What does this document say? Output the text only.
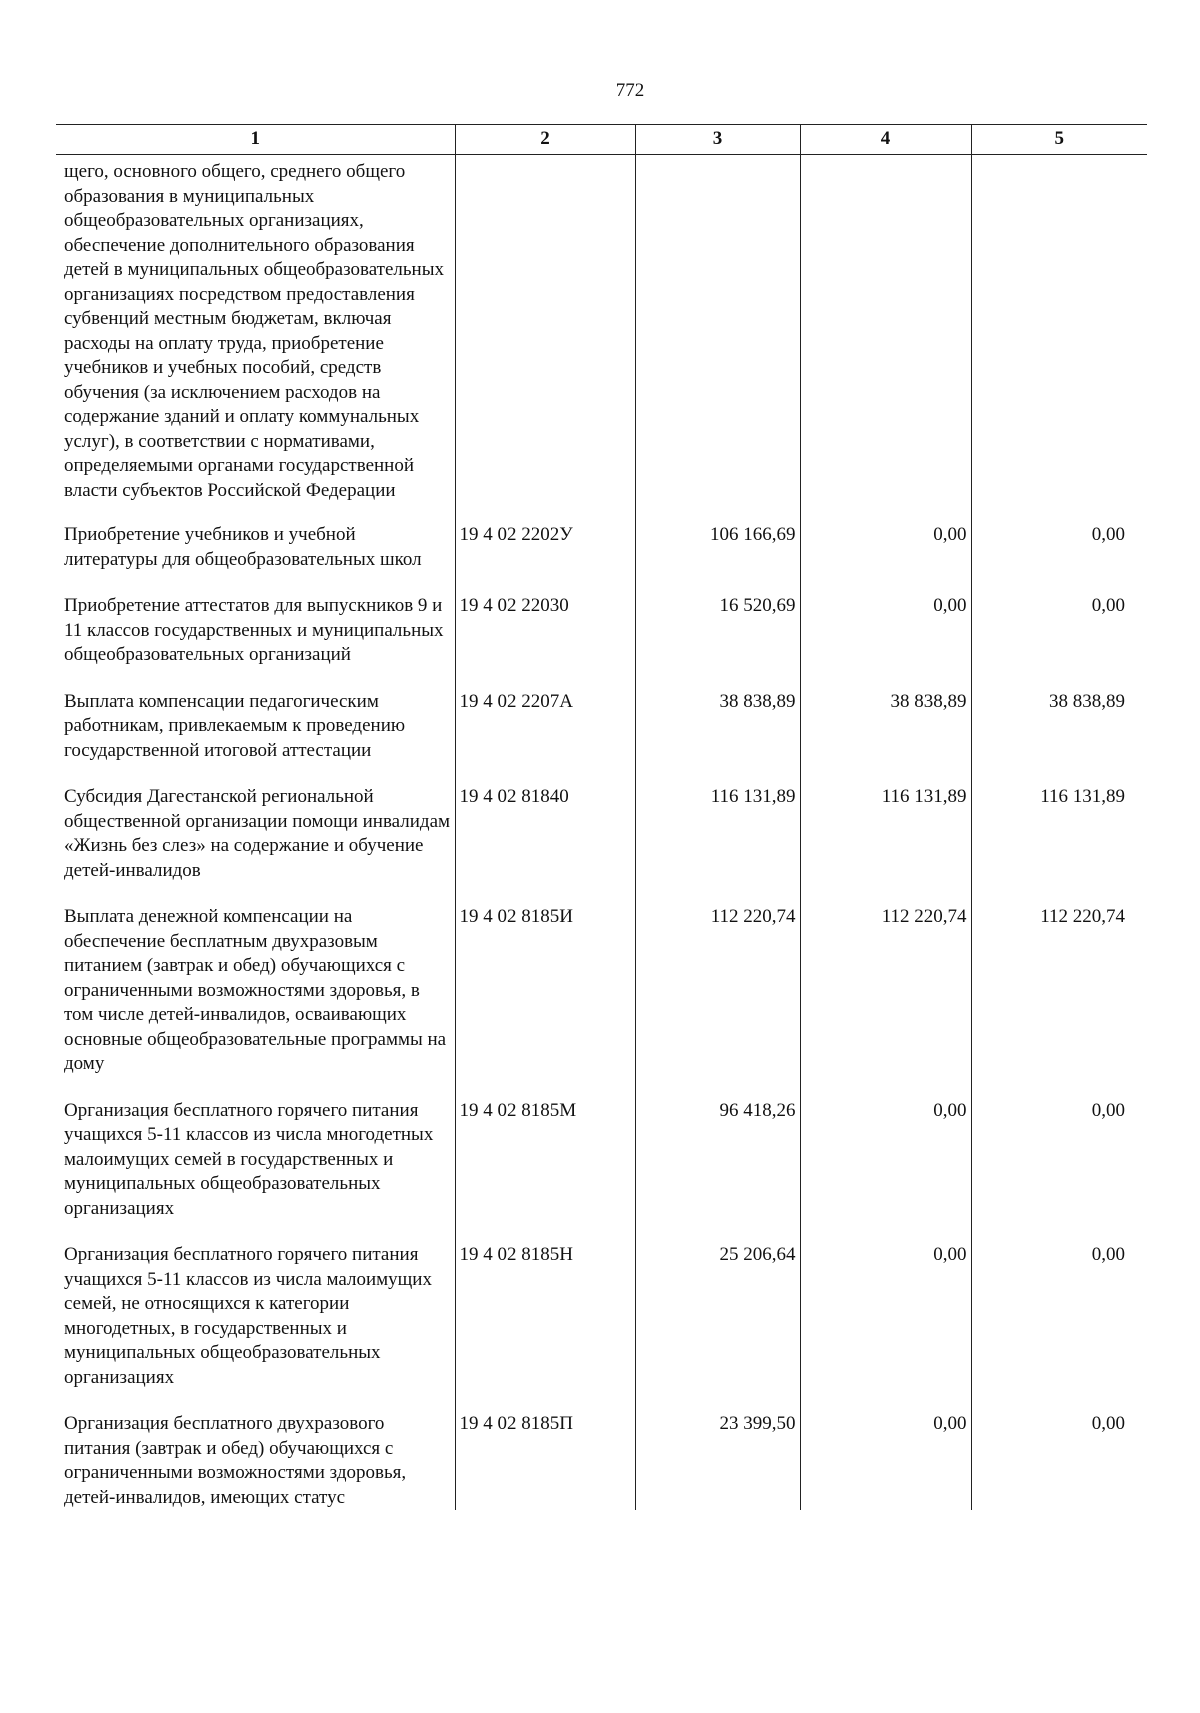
772
1	2	3	4	5
щего, основного общего, среднего общего образования в муниципальных общеобразовательных организациях, обеспечение дополнительного образования детей в муниципальных общеобразовательных организациях посредством предоставления субвенций местным бюджетам, включая расходы на оплату труда, приобретение учебников и учебных пособий, средств обучения (за исключением расходов на содержание зданий и оплату коммунальных услуг), в соответствии с нормативами, определяемыми органами государственной власти субъектов Российской Федерации				
Приобретение учебников и учебной литературы для общеобразовательных школ	19 4 02 2202У	106 166,69	0,00	0,00
Приобретение аттестатов для выпускников 9 и 11 классов государственных и муниципальных общеобразовательных организаций	19 4 02 22030	16 520,69	0,00	0,00
Выплата компенсации педагогическим работникам, привлекаемым к проведению государственной итоговой аттестации	19 4 02 2207А	38 838,89	38 838,89	38 838,89
Субсидия Дагестанской региональной общественной организации помощи инвалидам «Жизнь без слез» на содержание и обучение детей-инвалидов	19 4 02 81840	116 131,89	116 131,89	116 131,89
Выплата денежной компенсации на обеспечение бесплатным двухразовым питанием (завтрак и обед) обучающихся с ограниченными возможностями здоровья, в том числе детей-инвалидов, осваивающих основные общеобразовательные программы на дому	19 4 02 8185И	112 220,74	112 220,74	112 220,74
Организация бесплатного горячего питания учащихся 5-11 классов из числа многодетных малоимущих семей в государственных и муниципальных общеобразовательных организациях	19 4 02 8185М	96 418,26	0,00	0,00
Организация бесплатного горячего питания учащихся 5-11 классов из числа малоимущих семей, не относящихся к категории многодетных, в государственных и муниципальных общеобразовательных организациях	19 4 02 8185Н	25 206,64	0,00	0,00
Организация бесплатного двухразового питания (завтрак и обед) обучающихся с ограниченными возможностями здоровья, детей-инвалидов, имеющих статус	19 4 02 8185П	23 399,50	0,00	0,00
